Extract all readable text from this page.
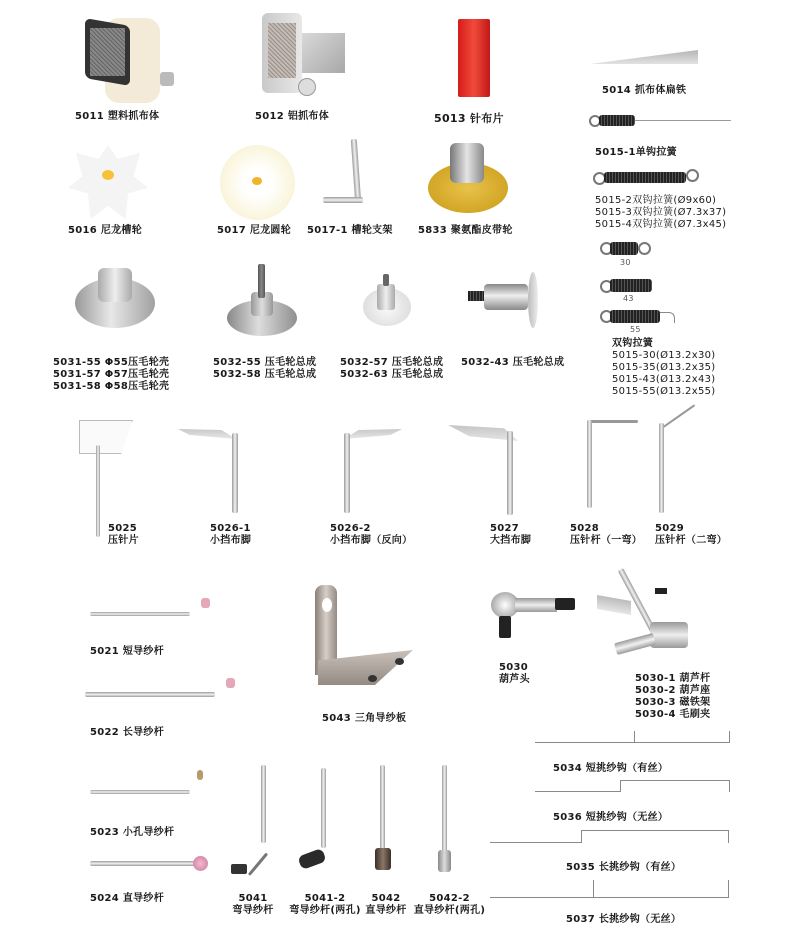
5011 塑料抓布体	5012 铝抓布体	5013 针布片
5014 抓布体扁铁
5015-1单钩拉簧
5015-2双钩拉簧(Ø9x60)
5015-3双钩拉簧(Ø7.3x37)
5015-4双钩拉簧(Ø7.3x45)
5016 尼龙槽轮	5017 尼龙圆轮 5017-1 槽轮支架	5833 聚氨酯皮带轮
30
43
55
双钩拉簧
5015-30(Ø13.2x30)
5015-35(Ø13.2x35)
5015-43(Ø13.2x43)
5015-55(Ø13.2x55)
5031-55 Φ55压毛轮壳
5031-57 Φ57压毛轮壳
5031-58 Φ58压毛轮壳
5032-55 压毛轮总成
5032-58 压毛轮总成
5032-57 压毛轮总成
5032-63 压毛轮总成
5032-43 压毛轮总成
5025
压针片
5026-1
小挡布脚
5026-2
小挡布脚（反向）
5027
大挡布脚
5028
压针杆（一弯）
5029
压针杆（二弯）
5021 短导纱杆
5022 长导纱杆
5043 三角导纱板
5030
葫芦头	5030-1 葫芦杆
5030-2 葫芦座
5030-3 磁铁架
5030-4 毛刷夹
5023 小孔导纱杆
5024 直导纱杆	5041
弯导纱杆
5041-2
弯导纱杆(两孔)
5042
直导纱杆
5042-2
直导纱杆(两孔)
5034 短挑纱钩（有丝）
5036 短挑纱钩（无丝）
5035 长挑纱钩（有丝）
5037 长挑纱钩（无丝）
